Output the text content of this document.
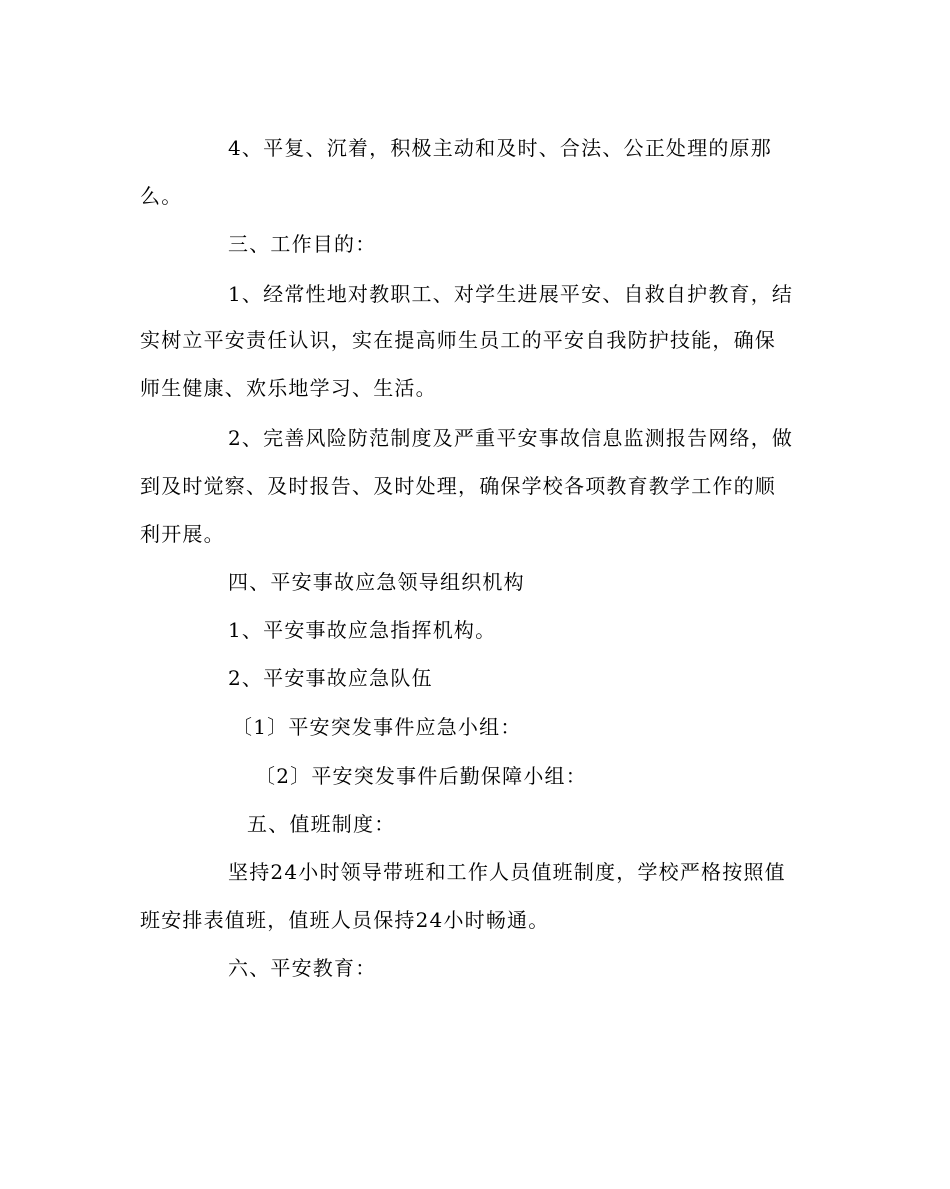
4、平复、沉着，积极主动和及时、合法、公正处理的原那
么。
三、工作目的：
1、经常性地对教职工、对学生进展平安、自救自护教育，结
实树立平安责任认识，实在提高师生员工的平安自我防护技能，确保
师生健康、欢乐地学习、生活。
2、完善风险防范制度及严重平安事故信息监测报告网络，做
到及时觉察、及时报告、及时处理，确保学校各项教育教学工作的顺
利开展。
四、平安事故应急领导组织机构
1、平安事故应急指挥机构。
2、平安事故应急队伍
〔1〕平安突发事件应急小组：
〔2〕平安突发事件后勤保障小组：
五、值班制度：
坚持24小时领导带班和工作人员值班制度，学校严格按照值
班安排表值班，值班人员保持24小时畅通。
六、平安教育：
